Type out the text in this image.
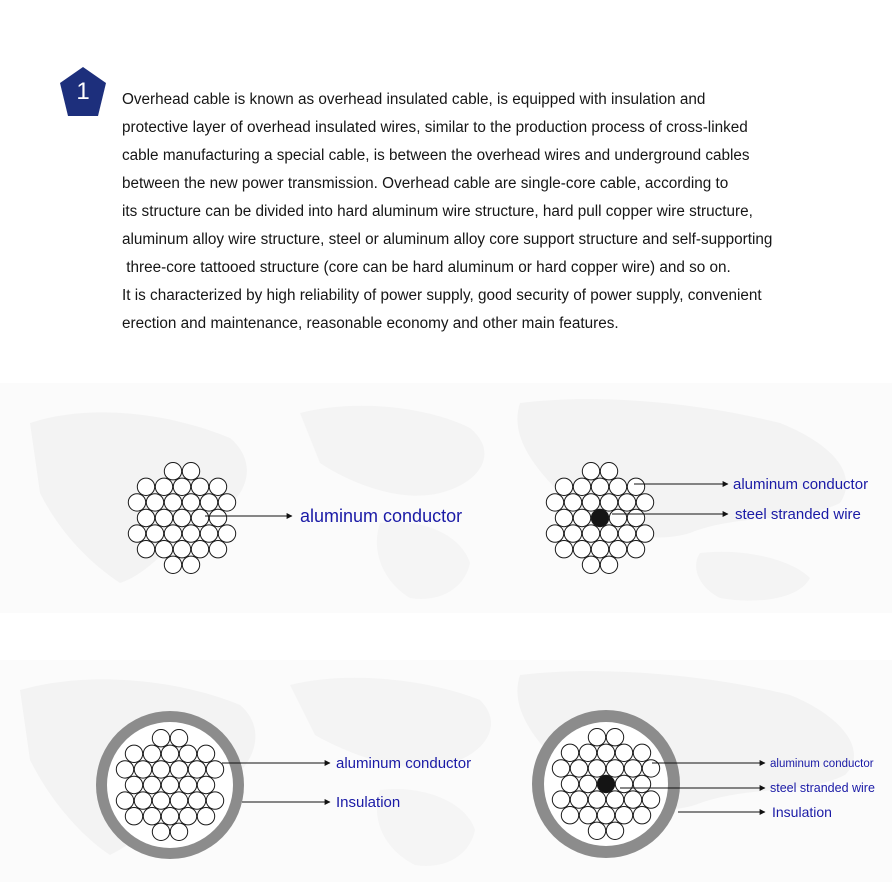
1	Overhead cable is known as overhead insulated cable, is equipped with insulation and
protective layer of overhead insulated wires, similar to the production process of cross-linked
cable manufacturing a special cable, is between the overhead wires and underground cables
between the new power transmission. Overhead cable are single-core cable, according to
its structure can be divided into hard aluminum wire structure, hard pull copper wire structure,
aluminum alloy wire structure, steel or aluminum alloy core support structure and self-supporting
three-core tattooed structure (core can be hard aluminum or hard copper wire) and so on.
It is characterized by high reliability of power supply, good security of power supply, convenient
erection and maintenance, reasonable economy and other main features.
aluminum conductor
aluminum conductor
steel stranded wire
aluminum conductor
Insulation
aluminum conductor
steel stranded wire
Insulation
